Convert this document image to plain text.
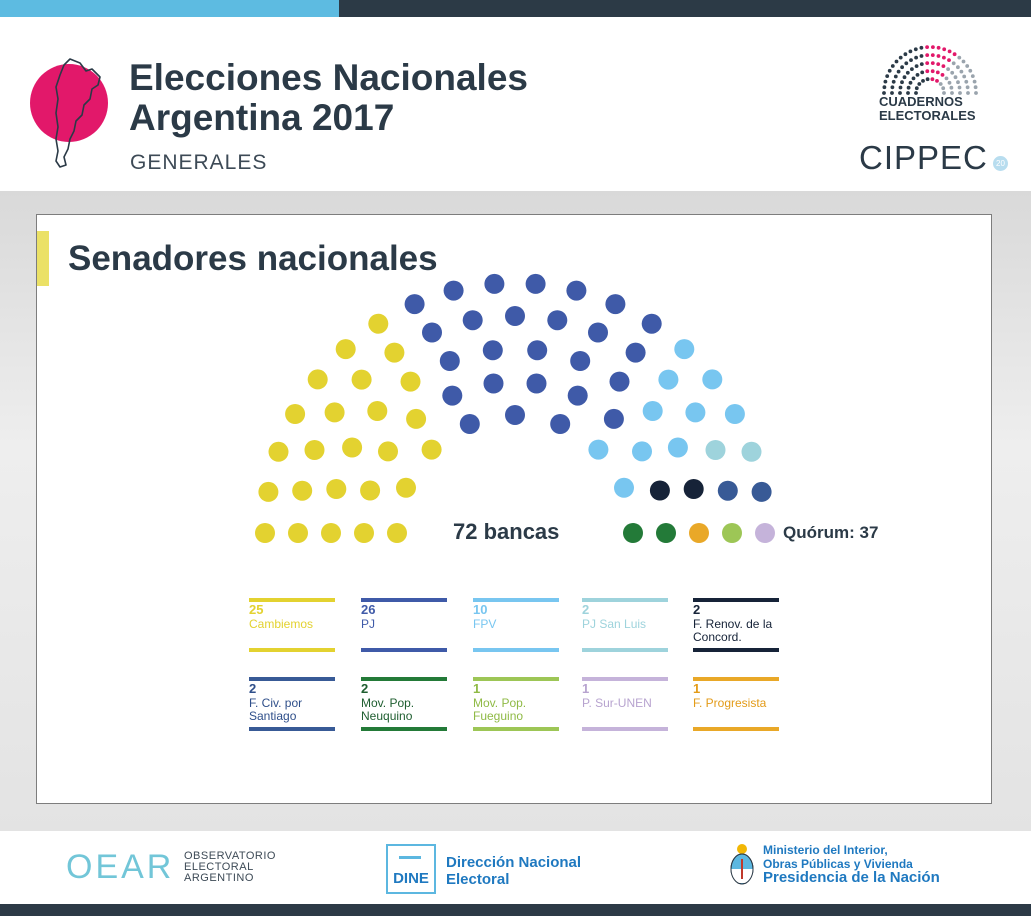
Elecciones Nacionales
Argentina 2017
GENERALES
CUADERNOS
ELECTORALES
CIPPEC	20
Senadores nacionales
72 bancas	Quórum: 37
25
Cambiemos
26
PJ
10
FPV
2
PJ San Luis
2
F. Renov. de la Concord.
2
F. Civ. por Santiago
2
Mov. Pop. Neuquino
1
Mov. Pop. Fueguino
1
P. Sur-UNEN
1
F. Progresista
OEAR OBSERVATORIO
ELECTORAL
ARGENTINO	DINE
Dirección Nacional
Electoral
Ministerio del Interior,
Obras Públicas y Vivienda
Presidencia de la Nación
